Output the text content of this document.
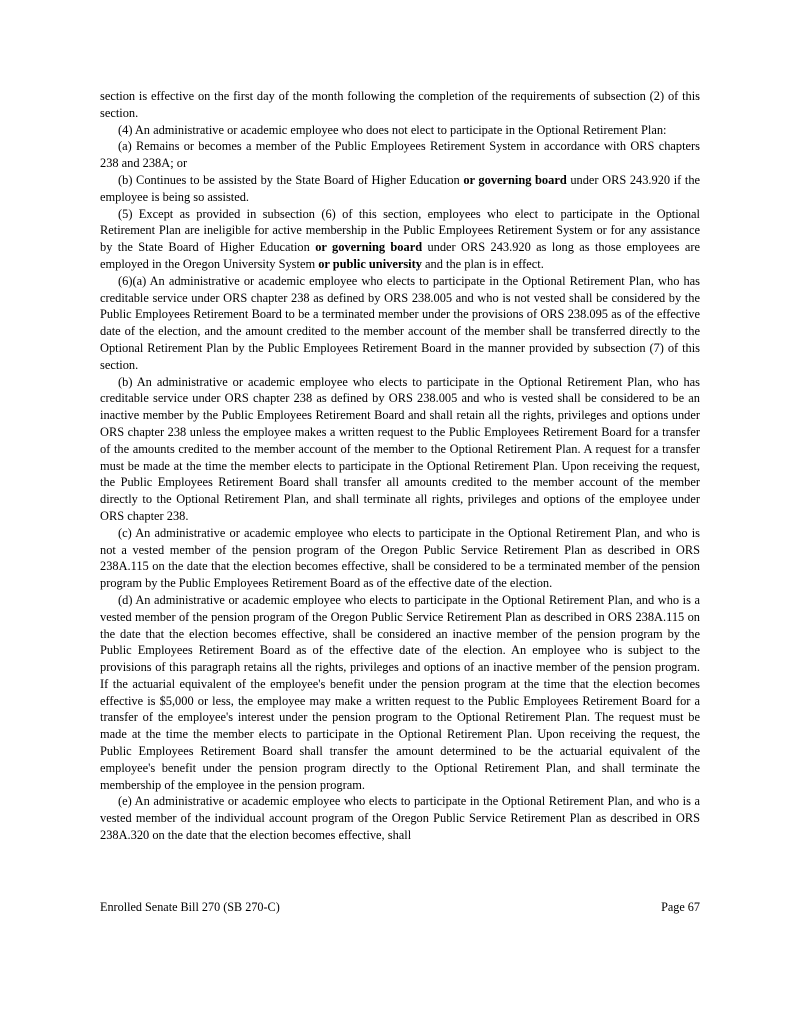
section is effective on the first day of the month following the completion of the requirements of subsection (2) of this section.

(4) An administrative or academic employee who does not elect to participate in the Optional Retirement Plan:

(a) Remains or becomes a member of the Public Employees Retirement System in accordance with ORS chapters 238 and 238A; or

(b) Continues to be assisted by the State Board of Higher Education or governing board under ORS 243.920 if the employee is being so assisted.

(5) Except as provided in subsection (6) of this section, employees who elect to participate in the Optional Retirement Plan are ineligible for active membership in the Public Employees Retirement System or for any assistance by the State Board of Higher Education or governing board under ORS 243.920 as long as those employees are employed in the Oregon University System or public university and the plan is in effect.

(6)(a) An administrative or academic employee who elects to participate in the Optional Retirement Plan, who has creditable service under ORS chapter 238 as defined by ORS 238.005 and who is not vested shall be considered by the Public Employees Retirement Board to be a terminated member under the provisions of ORS 238.095 as of the effective date of the election, and the amount credited to the member account of the member shall be transferred directly to the Optional Retirement Plan by the Public Employees Retirement Board in the manner provided by subsection (7) of this section.

(b) An administrative or academic employee who elects to participate in the Optional Retirement Plan, who has creditable service under ORS chapter 238 as defined by ORS 238.005 and who is vested shall be considered to be an inactive member by the Public Employees Retirement Board and shall retain all the rights, privileges and options under ORS chapter 238 unless the employee makes a written request to the Public Employees Retirement Board for a transfer of the amounts credited to the member account of the member to the Optional Retirement Plan. A request for a transfer must be made at the time the member elects to participate in the Optional Retirement Plan. Upon receiving the request, the Public Employees Retirement Board shall transfer all amounts credited to the member account of the member directly to the Optional Retirement Plan, and shall terminate all rights, privileges and options of the employee under ORS chapter 238.

(c) An administrative or academic employee who elects to participate in the Optional Retirement Plan, and who is not a vested member of the pension program of the Oregon Public Service Retirement Plan as described in ORS 238A.115 on the date that the election becomes effective, shall be considered to be a terminated member of the pension program by the Public Employees Retirement Board as of the effective date of the election.

(d) An administrative or academic employee who elects to participate in the Optional Retirement Plan, and who is a vested member of the pension program of the Oregon Public Service Retirement Plan as described in ORS 238A.115 on the date that the election becomes effective, shall be considered an inactive member of the pension program by the Public Employees Retirement Board as of the effective date of the election. An employee who is subject to the provisions of this paragraph retains all the rights, privileges and options of an inactive member of the pension program. If the actuarial equivalent of the employee's benefit under the pension program at the time that the election becomes effective is $5,000 or less, the employee may make a written request to the Public Employees Retirement Board for a transfer of the employee's interest under the pension program to the Optional Retirement Plan. The request must be made at the time the member elects to participate in the Optional Retirement Plan. Upon receiving the request, the Public Employees Retirement Board shall transfer the amount determined to be the actuarial equivalent of the employee's benefit under the pension program directly to the Optional Retirement Plan, and shall terminate the membership of the employee in the pension program.

(e) An administrative or academic employee who elects to participate in the Optional Retirement Plan, and who is a vested member of the individual account program of the Oregon Public Service Retirement Plan as described in ORS 238A.320 on the date that the election becomes effective, shall

Enrolled Senate Bill 270 (SB 270-C)	Page 67
